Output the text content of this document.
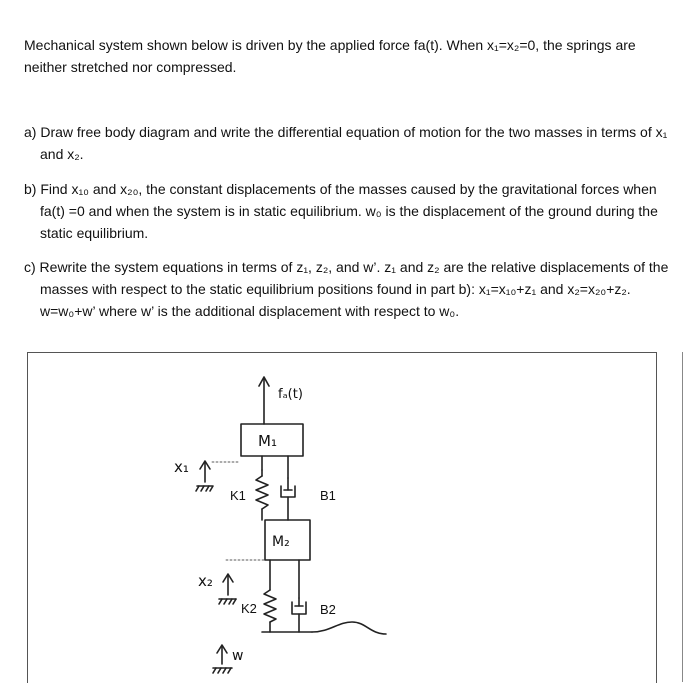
Mechanical system shown below is driven by the applied force fa(t). When x₁=x₂=0, the springs are neither stretched nor compressed.

a) Draw free body diagram and write the differential equation of motion for the two masses in terms of x₁ and x₂.

b) Find x₁₀ and x₂₀, the constant displacements of the masses caused by the gravitational forces when fa(t) =0 and when the system is in static equilibrium. w₀ is the displacement of the ground during the static equilibrium.

c) Rewrite the system equations in terms of z₁, z₂, and w’. z₁ and z₂ are the relative displacements of the masses with respect to the static equilibrium positions found in part b): x₁=x₁₀+z₁ and x₂=x₂₀+z₂. w=w₀+w’ where w’ is the additional displacement with respect to w₀.

fₐ(t)
M₁
M₂
x₁
x₂
K1	B1
K2	B2
w
